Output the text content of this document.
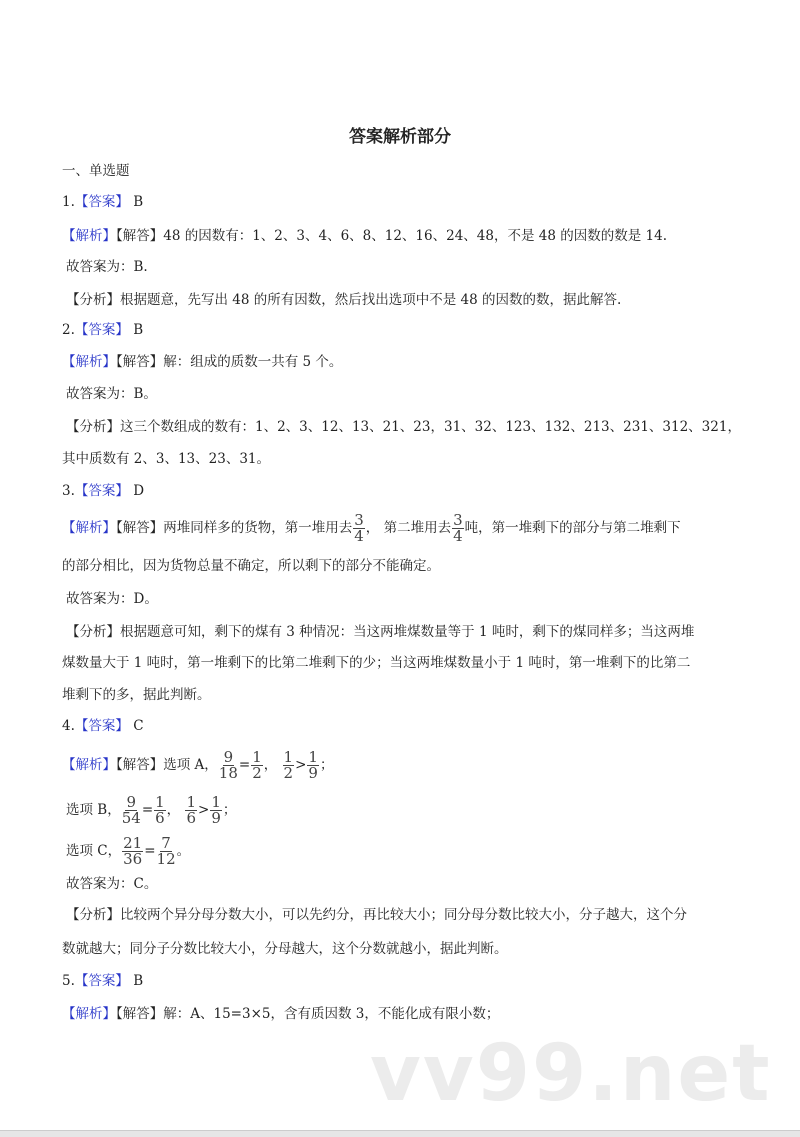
答案解析部分
一、单选题
1.【答案】 B
【解析】【解答】48 的因数有：1、2、3、4、6、8、12、16、24、48，不是 48 的因数的数是 14.
故答案为：B.
【分析】根据题意，先写出 48 的所有因数，然后找出选项中不是 48 的因数的数，据此解答.
2.【答案】 B
【解析】【解答】解：组成的质数一共有 5 个。
故答案为：B。
【分析】这三个数组成的数有：1、2、3、12、13、21、23，31、32、123、132、213、231、312、321，
其中质数有 2、3、13、23、31。
3.【答案】 D
【解析】【解答】两堆同样多的货物，第一堆用去 $\frac{3}{4}$ ， 第二堆用去 $\frac{3}{4}$ 吨，第一堆剩下的部分与第二堆剩下
的部分相比，因为货物总量不确定，所以剩下的部分不能确定。
故答案为：D。
【分析】根据题意可知，剩下的煤有 3 种情况：当这两堆煤数量等于 1 吨时，剩下的煤同样多；当这两堆
煤数量大于 1 吨时，第一堆剩下的比第二堆剩下的少；当这两堆煤数量小于 1 吨时，第一堆剩下的比第二
堆剩下的多，据此判断。
4.【答案】 C
【解析】【解答】选项 A， $\frac{9}{18} = \frac{1}{2}$ ， $\frac{1}{2} > \frac{1}{9}$ ；
选项 B， $\frac{9}{54} = \frac{1}{6}$ ， $\frac{1}{6} > \frac{1}{9}$ ；
选项 C， $\frac{21}{36} = \frac{7}{12}$ 。
故答案为：C。
【分析】比较两个异分母分数大小，可以先约分，再比较大小；同分母分数比较大小，分子越大，这个分
数就越大；同分子分数比较大小，分母越大，这个分数就越小，据此判断。
5.【答案】 B
【解析】【解答】解：A、15=3×5，含有质因数 3，不能化成有限小数；
vv99.net
